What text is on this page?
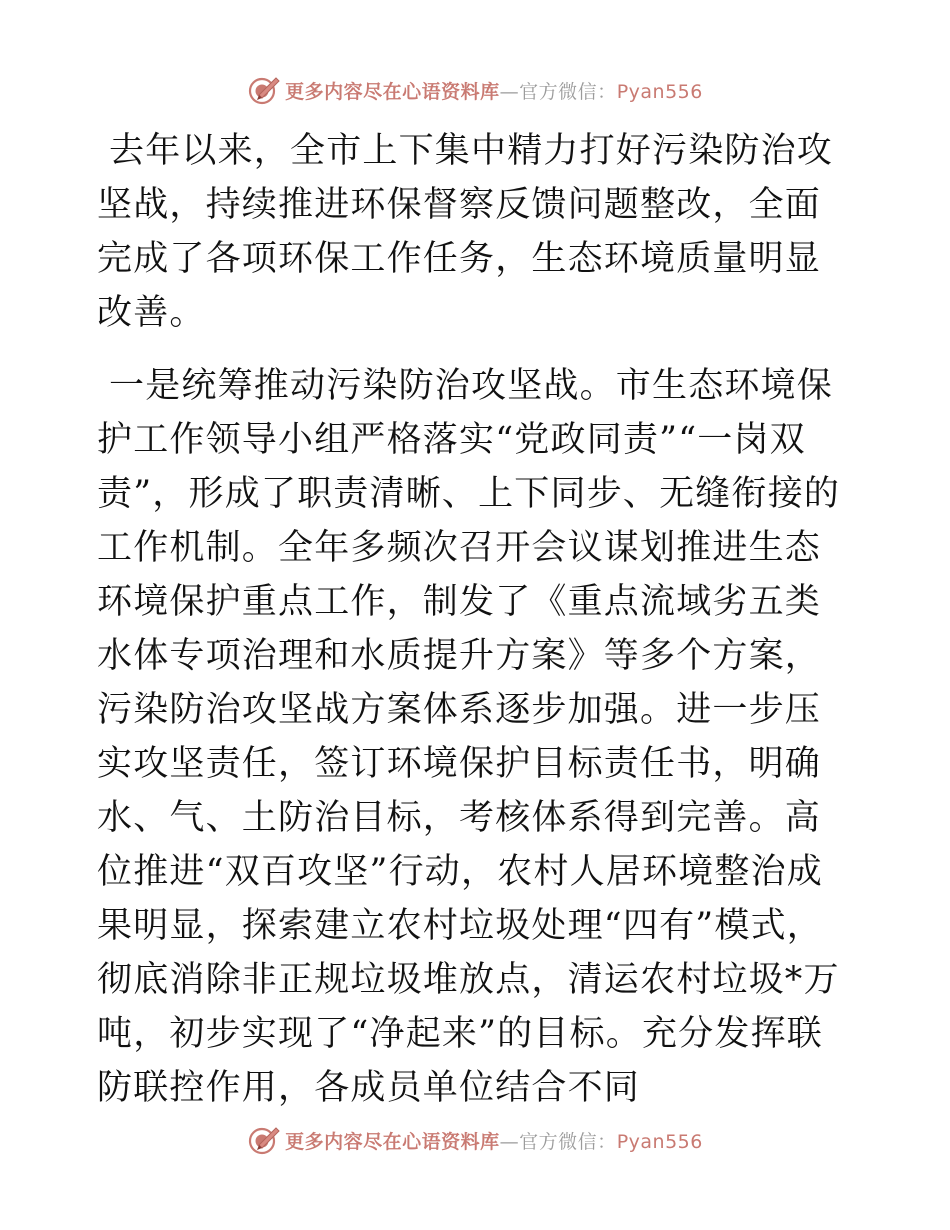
更多内容尽在心语资料库—官方微信：Pyan556

去年以来，全市上下集中精力打好污染防治攻坚战，持续推进环保督察反馈问题整改，全面完成了各项环保工作任务，生态环境质量明显改善。

一是统筹推动污染防治攻坚战。市生态环境保护工作领导小组严格落实“党政同责”“一岗双责”，形成了职责清晰、上下同步、无缝衔接的工作机制。全年多频次召开会议谋划推进生态环境保护重点工作，制发了《重点流域劣五类水体专项治理和水质提升方案》等多个方案，污染防治攻坚战方案体系逐步加强。进一步压实攻坚责任，签订环境保护目标责任书，明确水、气、土防治目标，考核体系得到完善。高位推进“双百攻坚”行动，农村人居环境整治成果明显，探索建立农村垃圾处理“四有”模式，彻底消除非正规垃圾堆放点，清运农村垃圾*万吨，初步实现了“净起来”的目标。充分发挥联防联控作用，各成员单位结合不同

更多内容尽在心语资料库—官方微信：Pyan556
